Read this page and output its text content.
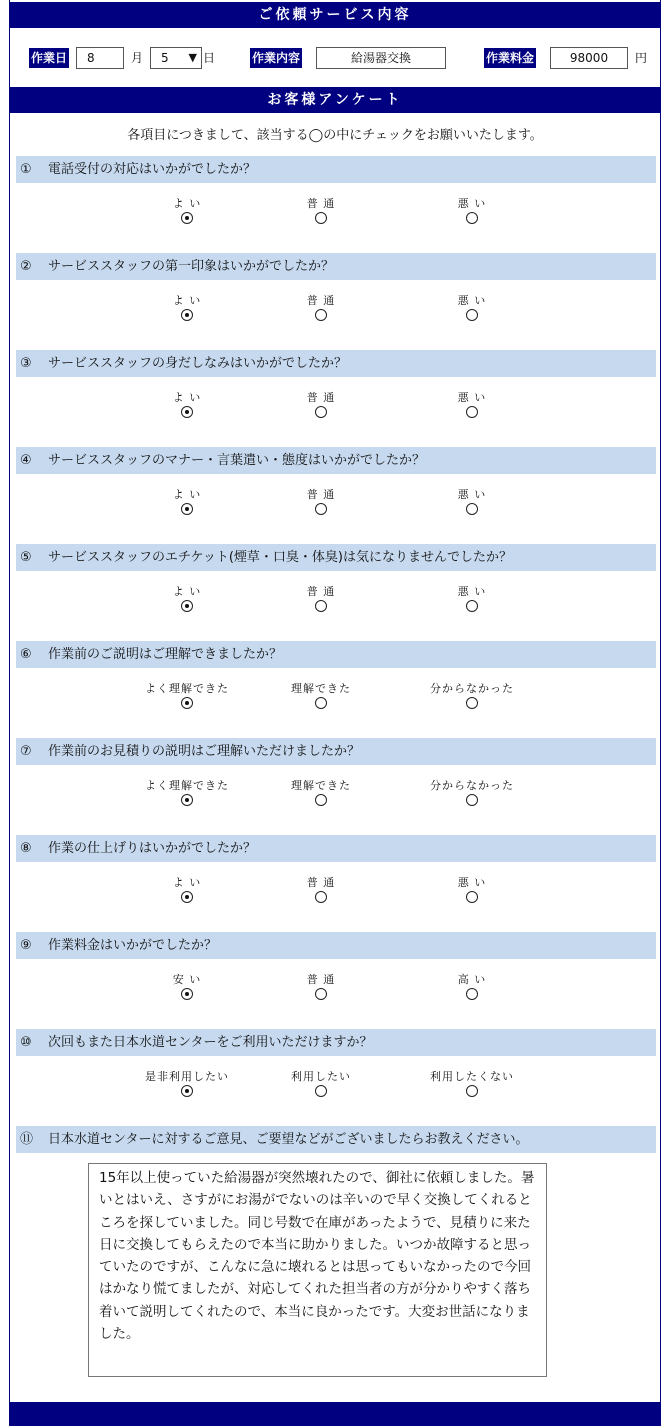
ご依頼サービス内容
作業日	8	月	5 ▼ 日	作業内容	給湯器交換	作業料金	98000	円
お客様アンケート
各項目につきまして、該当する◯の中にチェックをお願いいたします。
① 電話受付の対応はいかがでしたか？
よ い	普 通	悪 い
② サービススタッフの第一印象はいかがでしたか？
よ い	普 通	悪 い
③ サービススタッフの身だしなみはいかがでしたか？
よ い	普 通	悪 い
④ サービススタッフのマナー・言葉遣い・態度はいかがでしたか？
よ い	普 通	悪 い
⑤ サービススタッフのエチケット(煙草・口臭・体臭)は気になりませんでしたか？
よ い	普 通	悪 い
⑥ 作業前のご説明はご理解できましたか？
よく理解できた	理解できた	分からなかった
⑦ 作業前のお見積りの説明はご理解いただけましたか？
よく理解できた	理解できた	分からなかった
⑧ 作業の仕上げりはいかがでしたか？
よ い	普 通	悪 い
⑨ 作業料金はいかがでしたか？
安 い	普 通	高 い
⑩ 次回もまた日本水道センターをご利用いただけますか？
是非利用したい	利用したい	利用したくない
⑪ 日本水道センターに対するご意見、ご要望などがございましたらお教えください。
15年以上使っていた給湯器が突然壊れたので、御社に依頼しました。暑いとはいえ、さすがにお湯がでないのは辛いので早く交換してくれるところを探していました。同じ号数で在庫があったようで、見積りに来た日に交換してもらえたので本当に助かりました。いつか故障すると思っていたのですが、こんなに急に壊れるとは思ってもいなかったので今回はかなり慌てましたが、対応してくれた担当者の方が分かりやすく落ち着いて説明してくれたので、本当に良かったです。大変お世話になりました。
